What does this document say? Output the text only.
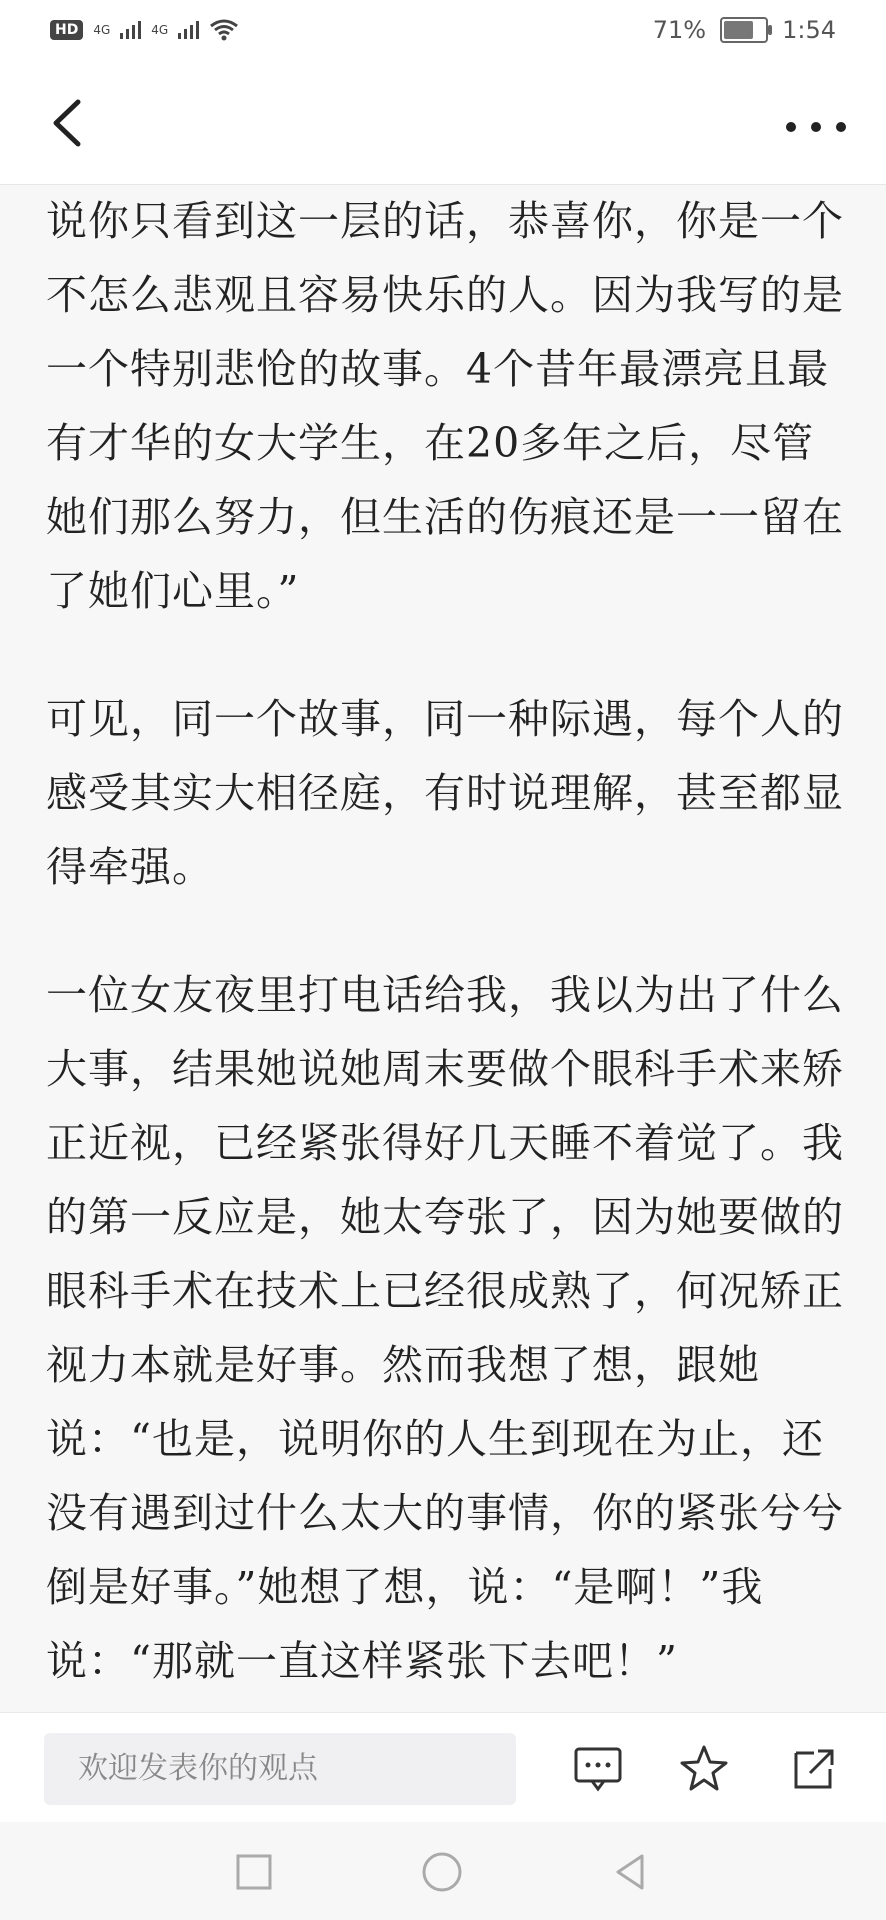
HD	4G	4G	71%	1:54

说你只看到这一层的话，恭喜你，你是一个不怎么悲观且容易快乐的人。因为我写的是一个特别悲怆的故事。4个昔年最漂亮且最有才华的女大学生，在20多年之后，尽管她们那么努力，但生活的伤痕还是一一留在了她们心里。”

可见，同一个故事，同一种际遇，每个人的感受其实大相径庭，有时说理解，甚至都显得牵强。

一位女友夜里打电话给我，我以为出了什么大事，结果她说她周末要做个眼科手术来矫正近视，已经紧张得好几天睡不着觉了。我的第一反应是，她太夸张了，因为她要做的眼科手术在技术上已经很成熟了，何况矫正视力本就是好事。然而我想了想，跟她说：“也是，说明你的人生到现在为止，还没有遇到过什么太大的事情，你的紧张兮兮倒是好事。”她想了想，说：“是啊！”我说：“那就一直这样紧张下去吧！”

欢迎发表你的观点
